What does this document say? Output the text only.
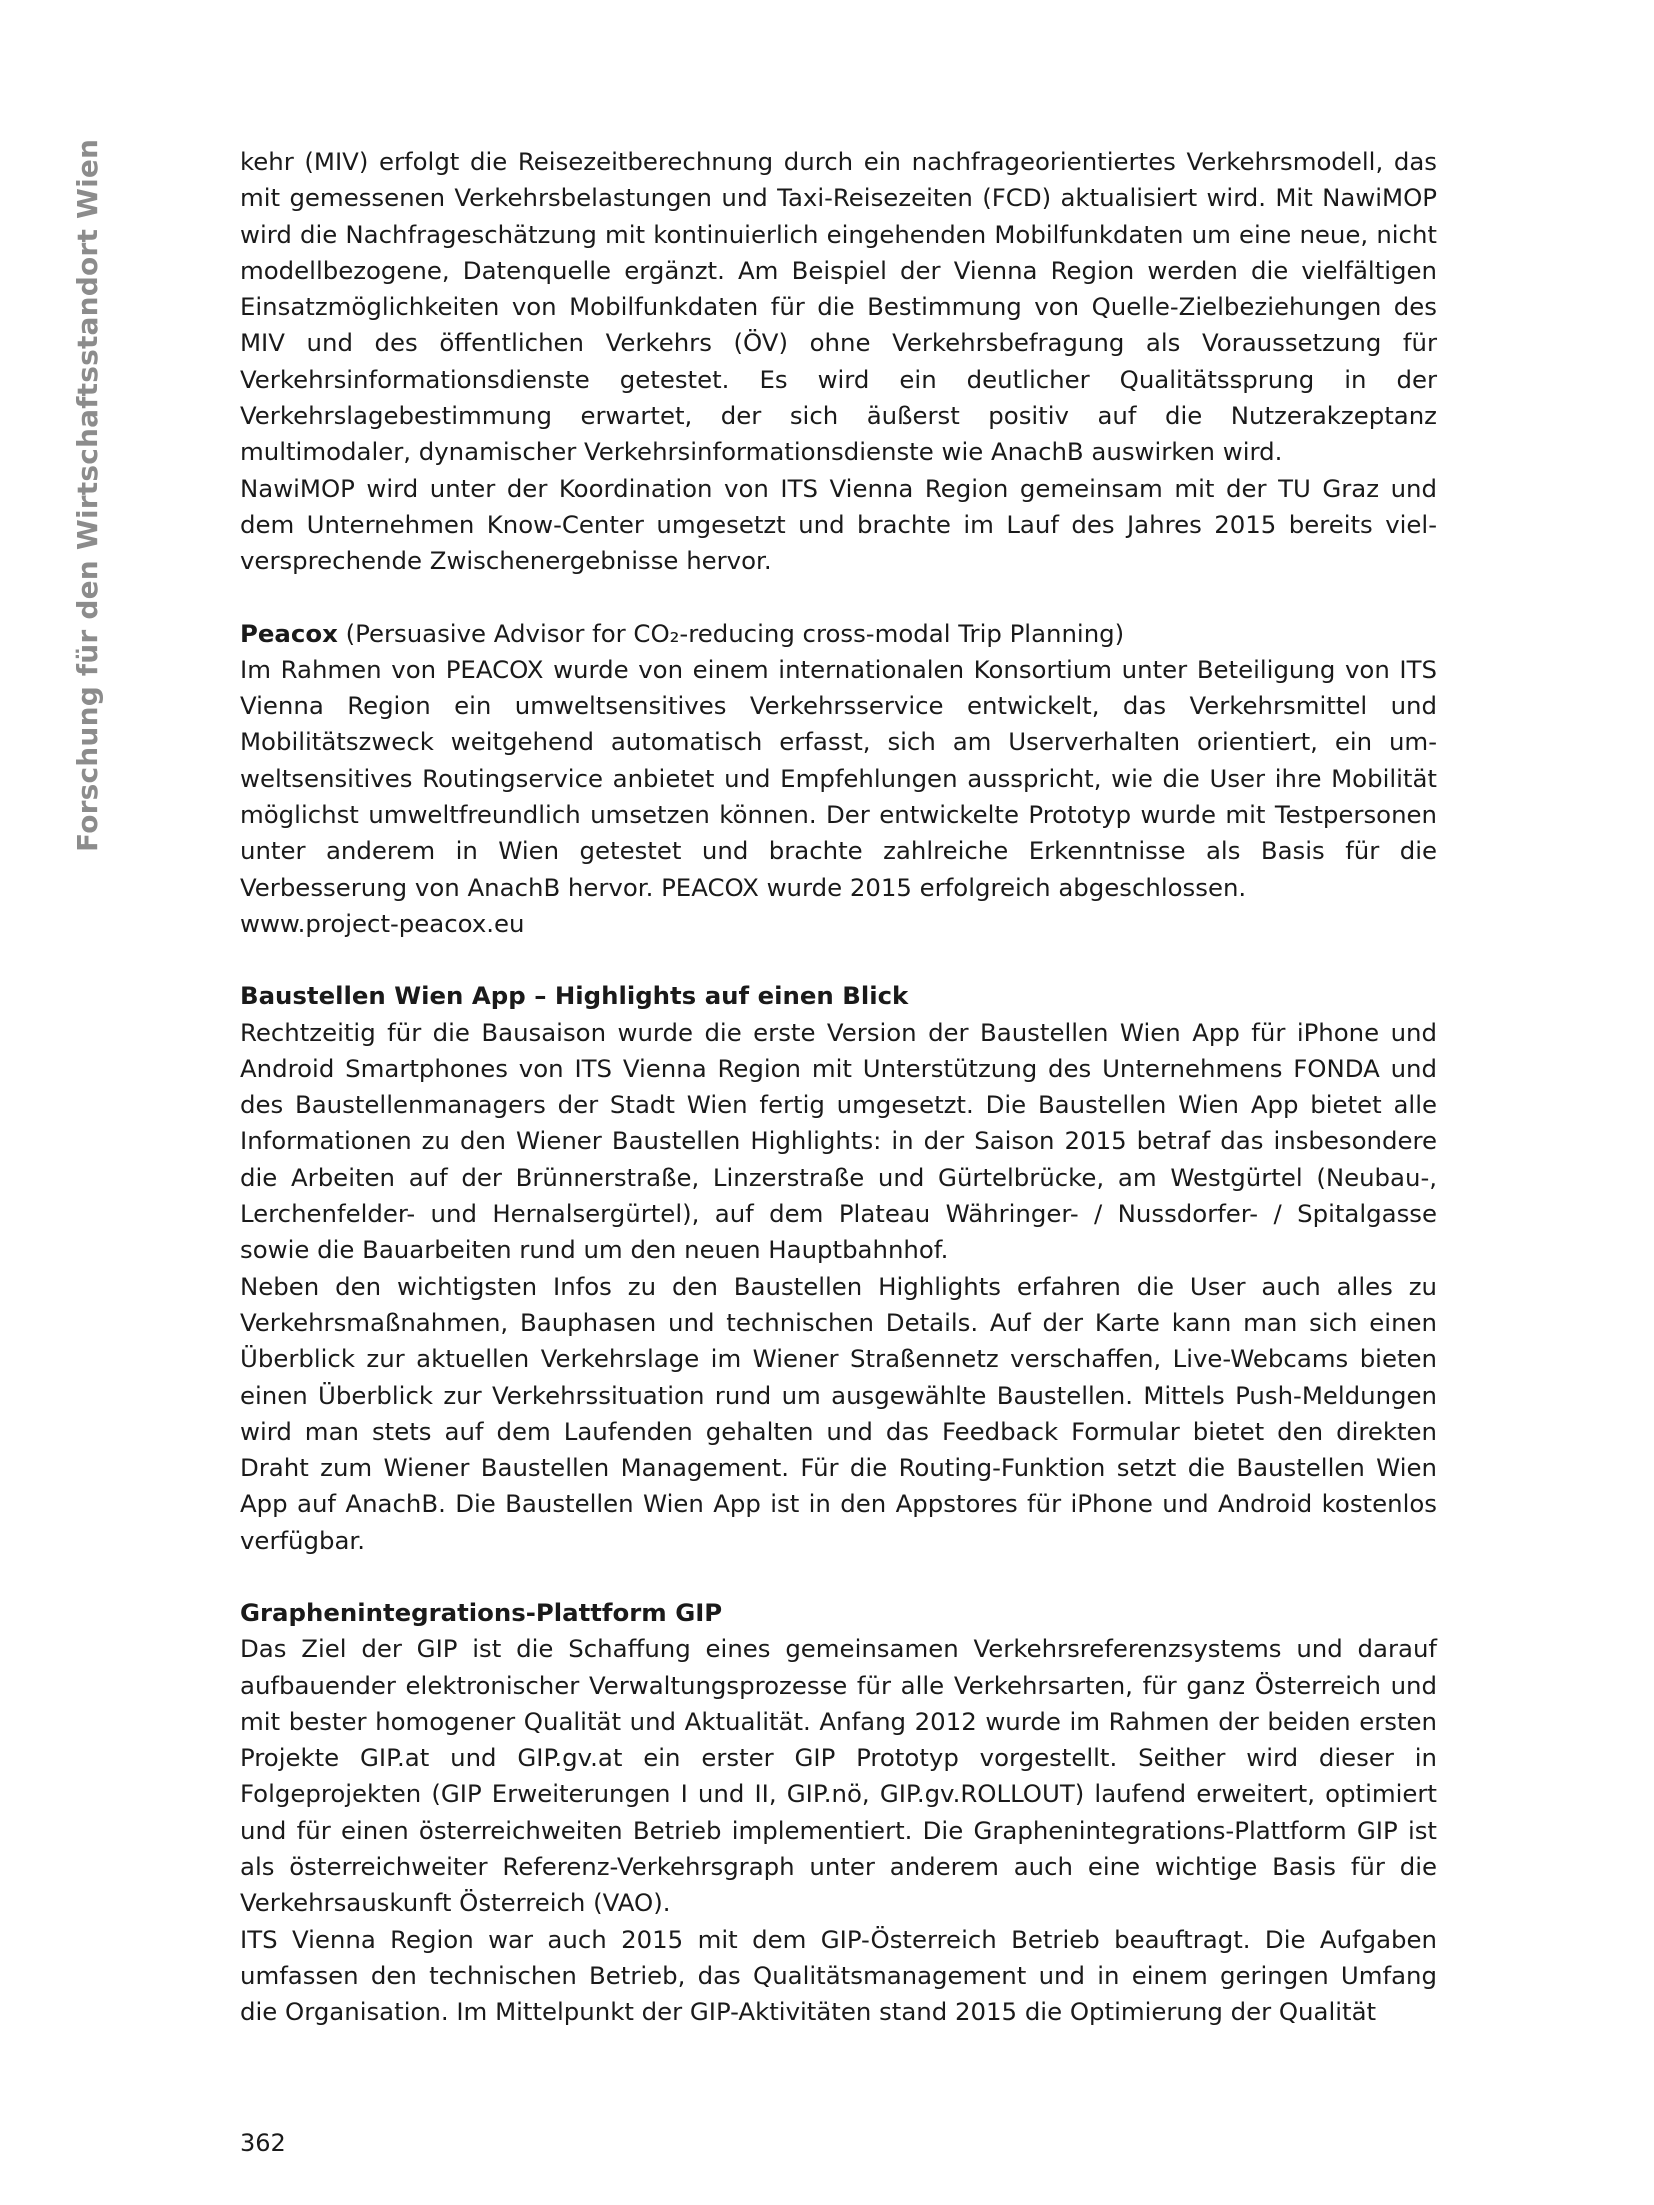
Forschung für den Wirtschaftsstandort Wien	kehr (MIV) erfolgt die Reisezeitberechnung durch ein nachfrageorientiertes Verkehrsmodell, das mit gemessenen Verkehrsbelastungen und Taxi-Reisezeiten (FCD) aktualisiert wird. Mit NawiMOP wird die Nachfrageschätzung mit kontinuierlich eingehenden Mobilfunkdaten um eine neue, nicht modellbezogene, Datenquelle ergänzt. Am Beispiel der Vienna Region werden die vielfältigen Einsatzmöglichkeiten von Mobilfunkdaten für die Bestimmung von Quelle-Zielbeziehungen des MIV und des öffentlichen Verkehrs (ÖV) ohne Verkehrsbefragung als Voraussetzung für Verkehrsinformationsdienste getestet. Es wird ein deutlicher Qualitätssprung in der Verkehrslagebestimmung erwartet, der sich äußerst positiv auf die Nutzerakzeptanz multimodaler, dynamischer Verkehrsinformationsdienste wie AnachB auswirken wird.

NawiMOP wird unter der Koordination von ITS Vienna Region gemeinsam mit der TU Graz und dem Unternehmen Know-Center umgesetzt und brachte im Lauf des Jahres 2015 bereits vielversprechende Zwischenergebnisse hervor.

Peacox (Persuasive Advisor for CO₂-reducing cross-modal Trip Planning)

Im Rahmen von PEACOX wurde von einem internationalen Konsortium unter Beteiligung von ITS Vienna Region ein umweltsensitives Verkehrsservice entwickelt, das Verkehrsmittel und Mobilitätszweck weitgehend automatisch erfasst, sich am Userverhalten orientiert, ein umweltsensitives Routingservice anbietet und Empfehlungen ausspricht, wie die User ihre Mobilität möglichst umweltfreundlich umsetzen können. Der entwickelte Prototyp wurde mit Testpersonen unter anderem in Wien getestet und brachte zahlreiche Erkenntnisse als Basis für die Verbesserung von AnachB hervor. PEACOX wurde 2015 erfolgreich abgeschlossen.

www.project-peacox.eu

Baustellen Wien App – Highlights auf einen Blick

Rechtzeitig für die Bausaison wurde die erste Version der Baustellen Wien App für iPhone und Android Smartphones von ITS Vienna Region mit Unterstützung des Unternehmens FONDA und des Baustellenmanagers der Stadt Wien fertig umgesetzt. Die Baustellen Wien App bietet alle Informationen zu den Wiener Baustellen Highlights: in der Saison 2015 betraf das insbesondere die Arbeiten auf der Brünnerstraße, Linzerstraße und Gürtelbrücke, am Westgürtel (Neubau-, Lerchenfelder- und Hernalsergürtel), auf dem Plateau Währinger- / Nussdorfer- / Spitalgasse sowie die Bauarbeiten rund um den neuen Hauptbahnhof.

Neben den wichtigsten Infos zu den Baustellen Highlights erfahren die User auch alles zu Verkehrsmaßnahmen, Bauphasen und technischen Details. Auf der Karte kann man sich einen Überblick zur aktuellen Verkehrslage im Wiener Straßennetz verschaffen, Live-Webcams bieten einen Überblick zur Verkehrssituation rund um ausgewählte Baustellen. Mittels Push-Meldungen wird man stets auf dem Laufenden gehalten und das Feedback Formular bietet den direkten Draht zum Wiener Baustellen Management. Für die Routing-Funktion setzt die Baustellen Wien App auf AnachB. Die Baustellen Wien App ist in den Appstores für iPhone und Android kostenlos verfügbar.

Graphenintegrations-Plattform GIP

Das Ziel der GIP ist die Schaffung eines gemeinsamen Verkehrsreferenzsystems und darauf aufbauender elektronischer Verwaltungsprozesse für alle Verkehrsarten, für ganz Österreich und mit bester homogener Qualität und Aktualität. Anfang 2012 wurde im Rahmen der beiden ersten Projekte GIP.at und GIP.gv.at ein erster GIP Prototyp vorgestellt. Seither wird dieser in Folgeprojekten (GIP Erweiterungen I und II, GIP.nö, GIP.gv.ROLLOUT) laufend erweitert, optimiert und für einen österreichweiten Betrieb implementiert. Die Graphenintegrations-Plattform GIP ist als österreichweiter Referenz-Verkehrsgraph unter anderem auch eine wichtige Basis für die Verkehrsauskunft Österreich (VAO).

ITS Vienna Region war auch 2015 mit dem GIP-Österreich Betrieb beauftragt. Die Aufgaben umfassen den technischen Betrieb, das Qualitätsmanagement und in einem geringen Umfang die Organisation. Im Mittelpunkt der GIP-Aktivitäten stand 2015 die Optimierung der Qualität

362
